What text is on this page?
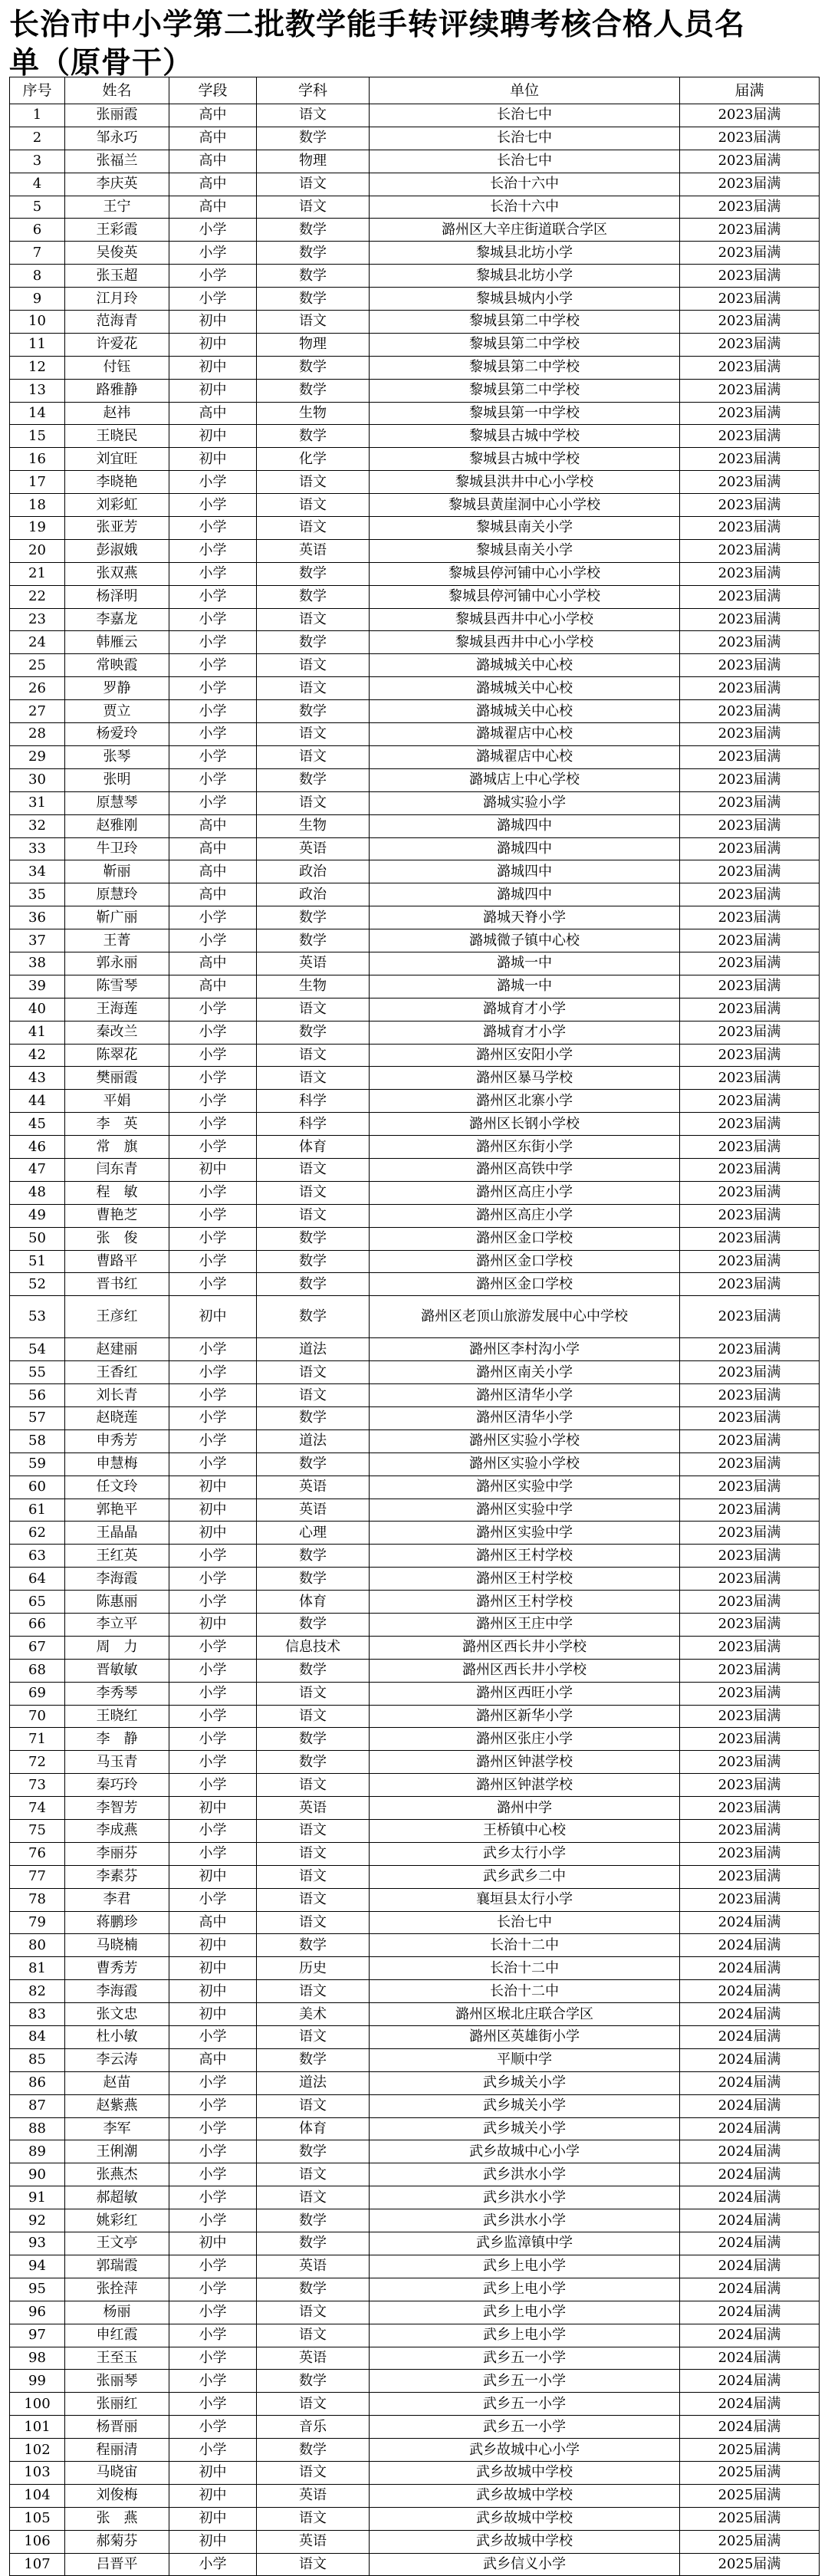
长治市中小学第二批教学能手转评续聘考核合格人员名
单（原骨干）
序号	姓名	学段	学科	单位	届满
1	张丽霞	高中	语文	长治七中	2023届满
2	邹永巧	高中	数学	长治七中	2023届满
3	张福兰	高中	物理	长治七中	2023届满
4	李庆英	高中	语文	长治十六中	2023届满
5	王宁	高中	语文	长治十六中	2023届满
6	王彩霞	小学	数学	潞州区大辛庄街道联合学区	2023届满
7	吴俊英	小学	数学	黎城县北坊小学	2023届满
8	张玉超	小学	数学	黎城县北坊小学	2023届满
9	江月玲	小学	数学	黎城县城内小学	2023届满
10	范海青	初中	语文	黎城县第二中学校	2023届满
11	许爱花	初中	物理	黎城县第二中学校	2023届满
12	付钰	初中	数学	黎城县第二中学校	2023届满
13	路雅静	初中	数学	黎城县第二中学校	2023届满
14	赵祎	高中	生物	黎城县第一中学校	2023届满
15	王晓民	初中	数学	黎城县古城中学校	2023届满
16	刘宜旺	初中	化学	黎城县古城中学校	2023届满
17	李晓艳	小学	语文	黎城县洪井中心小学校	2023届满
18	刘彩虹	小学	语文	黎城县黄崖洞中心小学校	2023届满
19	张亚芳	小学	语文	黎城县南关小学	2023届满
20	彭淑娥	小学	英语	黎城县南关小学	2023届满
21	张双燕	小学	数学	黎城县停河铺中心小学校	2023届满
22	杨泽明	小学	数学	黎城县停河铺中心小学校	2023届满
23	李嘉龙	小学	语文	黎城县西井中心小学校	2023届满
24	韩雁云	小学	数学	黎城县西井中心小学校	2023届满
25	常映霞	小学	语文	潞城城关中心校	2023届满
26	罗静	小学	语文	潞城城关中心校	2023届满
27	贾立	小学	数学	潞城城关中心校	2023届满
28	杨爱玲	小学	语文	潞城翟店中心校	2023届满
29	张琴	小学	语文	潞城翟店中心校	2023届满
30	张明	小学	数学	潞城店上中心学校	2023届满
31	原慧琴	小学	语文	潞城实验小学	2023届满
32	赵雅刚	高中	生物	潞城四中	2023届满
33	牛卫玲	高中	英语	潞城四中	2023届满
34	靳丽	高中	政治	潞城四中	2023届满
35	原慧玲	高中	政治	潞城四中	2023届满
36	靳广丽	小学	数学	潞城天脊小学	2023届满
37	王菁	小学	数学	潞城微子镇中心校	2023届满
38	郭永丽	高中	英语	潞城一中	2023届满
39	陈雪琴	高中	生物	潞城一中	2023届满
40	王海莲	小学	语文	潞城育才小学	2023届满
41	秦改兰	小学	数学	潞城育才小学	2023届满
42	陈翠花	小学	语文	潞州区安阳小学	2023届满
43	樊丽霞	小学	语文	潞州区暴马学校	2023届满
44	平娟	小学	科学	潞州区北寨小学	2023届满
45	李　英	小学	科学	潞州区长钢小学校	2023届满
46	常　旗	小学	体育	潞州区东街小学	2023届满
47	闫东青	初中	语文	潞州区高铁中学	2023届满
48	程　敏	小学	语文	潞州区高庄小学	2023届满
49	曹艳芝	小学	语文	潞州区高庄小学	2023届满
50	张　俊	小学	数学	潞州区金口学校	2023届满
51	曹路平	小学	数学	潞州区金口学校	2023届满
52	晋书红	小学	数学	潞州区金口学校	2023届满
53	王彦红	初中	数学	潞州区老顶山旅游发展中心中学校	2023届满
54	赵建丽	小学	道法	潞州区李村沟小学	2023届满
55	王香红	小学	语文	潞州区南关小学	2023届满
56	刘长青	小学	语文	潞州区清华小学	2023届满
57	赵晓莲	小学	数学	潞州区清华小学	2023届满
58	申秀芳	小学	道法	潞州区实验小学校	2023届满
59	申慧梅	小学	数学	潞州区实验小学校	2023届满
60	任文玲	初中	英语	潞州区实验中学	2023届满
61	郭艳平	初中	英语	潞州区实验中学	2023届满
62	王晶晶	初中	心理	潞州区实验中学	2023届满
63	王红英	小学	数学	潞州区王村学校	2023届满
64	李海霞	小学	数学	潞州区王村学校	2023届满
65	陈惠丽	小学	体育	潞州区王村学校	2023届满
66	李立平	初中	数学	潞州区王庄中学	2023届满
67	周　力	小学	信息技术	潞州区西长井小学校	2023届满
68	晋敏敏	小学	数学	潞州区西长井小学校	2023届满
69	李秀琴	小学	语文	潞州区西旺小学	2023届满
70	王晓红	小学	语文	潞州区新华小学	2023届满
71	李　静	小学	数学	潞州区张庄小学	2023届满
72	马玉青	小学	数学	潞州区钟湛学校	2023届满
73	秦巧玲	小学	语文	潞州区钟湛学校	2023届满
74	李智芳	初中	英语	潞州中学	2023届满
75	李成燕	小学	语文	王桥镇中心校	2023届满
76	李丽芬	小学	语文	武乡太行小学	2023届满
77	李素芬	初中	语文	武乡武乡二中	2023届满
78	李君	小学	语文	襄垣县太行小学	2023届满
79	蒋鹏珍	高中	语文	长治七中	2024届满
80	马晓楠	初中	数学	长治十二中	2024届满
81	曹秀芳	初中	历史	长治十二中	2024届满
82	李海霞	初中	语文	长治十二中	2024届满
83	张文忠	初中	美术	潞州区堠北庄联合学区	2024届满
84	杜小敏	小学	语文	潞州区英雄街小学	2024届满
85	李云涛	高中	数学	平顺中学	2024届满
86	赵苗	小学	道法	武乡城关小学	2024届满
87	赵紫燕	小学	语文	武乡城关小学	2024届满
88	李军	小学	体育	武乡城关小学	2024届满
89	王俐潮	小学	数学	武乡故城中心小学	2024届满
90	张燕杰	小学	语文	武乡洪水小学	2024届满
91	郝超敏	小学	语文	武乡洪水小学	2024届满
92	姚彩红	小学	数学	武乡洪水小学	2024届满
93	王文亭	初中	数学	武乡监漳镇中学	2024届满
94	郭瑞霞	小学	英语	武乡上电小学	2024届满
95	张拴萍	小学	数学	武乡上电小学	2024届满
96	杨丽	小学	语文	武乡上电小学	2024届满
97	申红霞	小学	语文	武乡上电小学	2024届满
98	王至玉	小学	英语	武乡五一小学	2024届满
99	张丽琴	小学	数学	武乡五一小学	2024届满
100	张丽红	小学	语文	武乡五一小学	2024届满
101	杨晋丽	小学	音乐	武乡五一小学	2024届满
102	程丽清	小学	数学	武乡故城中心小学	2025届满
103	马晓宙	初中	语文	武乡故城中学校	2025届满
104	刘俊梅	初中	英语	武乡故城中学校	2025届满
105	张　燕	初中	语文	武乡故城中学校	2025届满
106	郝菊芬	初中	英语	武乡故城中学校	2025届满
107	吕晋平	小学	语文	武乡信义小学	2025届满
